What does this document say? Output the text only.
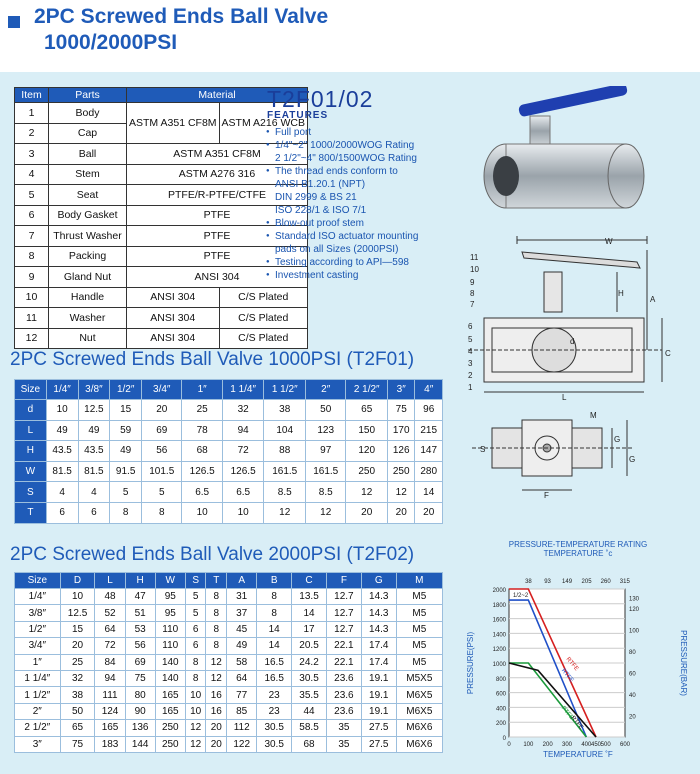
2PC Screwed Ends Ball Valve
1000/2000PSI
Item	Parts	Material	
1	Body	ASTM A351 CF8M	ASTM A216 WCB
2	Cap		
3	Ball	ASTM A351 CF8M	
4	Stem	ASTM A276 316	
5	Seat	PTFE/R-PTFE/CTFE	
6	Body Gasket	PTFE	
7	Thrust Washer	PTFE	
8	Packing	PTFE	
9	Gland Nut	ANSI 304	
10	Handle	ANSI 304	C/S Plated
11	Washer	ANSI 304	C/S Plated
12	Nut	ANSI 304	C/S Plated
T2F01/02
FEATURES
● Full port
● 1/4"~2" 1000/2000WOG Rating
2 1/2"~4" 800/1500WOG Rating
● The thread ends conform to
ANSI B1.20.1 (NPT)
DIN 2999 & BS 21
ISO 228/1 & ISO 7/1
● Blow-out proof stem
● Standard ISO actuator mounting
pads on all Sizes (2000PSI)
● Testing according to API—598
● Investment casting
W
H
A
C
d
L
11
10
9
8
7
6
5
4
3
2
1
M
G
G
S
F
2PC Screwed Ends Ball Valve 1000PSI (T2F01)
Size	1/4″	3/8″	1/2″	3/4″	1″	1 1/4″	1 1/2″	2″	2 1/2″	3″	4″
d	10	12.5	15	20	25	32	38	50	65	75	96
L	49	49	59	69	78	94	104	123	150	170	215
H	43.5	43.5	49	56	68	72	88	97	120	126	147
W	81.5	81.5	91.5	101.5	126.5	126.5	161.5	161.5	250	250	280
S	4	4	5	5	6.5	6.5	8.5	8.5	12	12	14
T	6	6	8	8	10	10	12	12	20	20	20
2PC Screwed Ends Ball Valve 2000PSI (T2F02)
Size	D	L	H	W	S	T	A	B	C	F	G	M
1/4″	10	48	47	95	5	8	31	8	13.5	12.7	14.3	M5
3/8″	12.5	52	51	95	5	8	37	8	14	12.7	14.3	M5
1/2″	15	64	53	110	6	8	45	14	17	12.7	14.3	M5
3/4″	20	72	56	110	6	8	49	14	20.5	22.1	17.4	M5
1″	25	84	69	140	8	12	58	16.5	24.2	22.1	17.4	M5
1 1/4″	32	94	75	140	8	12	64	16.5	30.5	23.6	19.1	M5X5
1 1/2″	38	111	80	165	10	16	77	23	35.5	23.6	19.1	M6X5
2″	50	124	90	165	10	16	85	23	44	23.6	19.1	M6X5
2 1/2″	65	165	136	250	12	20	112	30.5	58.5	35	27.5	M6X6
3″	75	183	144	250	12	20	122	30.5	68	35	27.5	M6X6
PRESSURE-TEMPERATURE RATING
TEMPERATURE ˚c
0
200
400
600
800
1000
1200
1400
1600
1800
2000
0 100 200 300 400 450 500 600
38 93 149 205 260 315
20
40
60
80
100
120
130
1/2~2
PRESSURE(PSI)	PRESSURE(BAR)
TEMPERATURE ˚F
RTFE
RTFE
PTFE
RTFE
